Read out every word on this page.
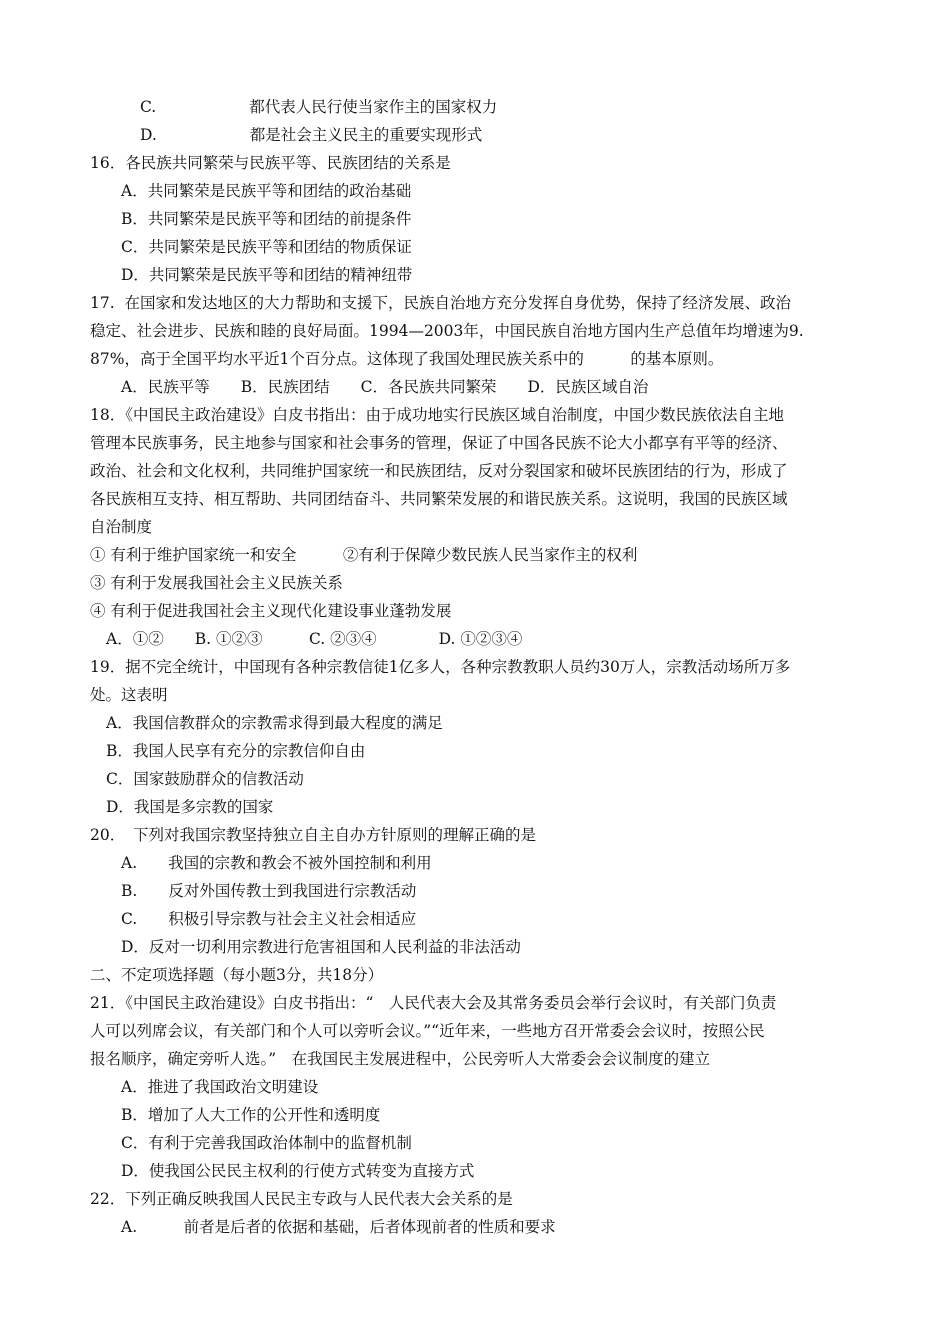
C.　　　　　　都代表人民行使当家作主的国家权力
D.　　　　　　都是社会主义民主的重要实现形式
16．各民族共同繁荣与民族平等、民族团结的关系是
A．共同繁荣是民族平等和团结的政治基础
B．共同繁荣是民族平等和团结的前提条件
C．共同繁荣是民族平等和团结的物质保证
D．共同繁荣是民族平等和团结的精神纽带
17.  在国家和发达地区的大力帮助和支援下，民族自治地方充分发挥自身优势，保持了经济发展、政治
稳定、社会进步、民族和睦的良好局面。1994—2003年，中国民族自治地方国内生产总值年均增速为9.
87%，高于全国平均水平近1个百分点。这体现了我国处理民族关系中的　　　的基本原则。
A．民族平等　　B．民族团结　　C．各民族共同繁荣　　D．民族区域自治
18．《中国民主政治建设》白皮书指出：由于成功地实行民族区域自治制度，中国少数民族依法自主地
管理本民族事务，民主地参与国家和社会事务的管理，保证了中国各民族不论大小都享有平等的经济、
政治、社会和文化权利，共同维护国家统一和民族团结，反对分裂国家和破坏民族团结的行为，形成了
各民族相互支持、相互帮助、共同团结奋斗、共同繁荣发展的和谐民族关系。这说明，我国的民族区域
自治制度
① 有利于维护国家统一和安全　　　②有利于保障少数民族人民当家作主的权利
③ 有利于发展我国社会主义民族关系
④ 有利于促进我国社会主义现代化建设事业蓬勃发展
A．①②　　B. ①②③　　　C. ②③④　　　　D. ①②③④
19．据不完全统计，中国现有各种宗教信徒1亿多人，各种宗教教职人员约30万人，宗教活动场所万多
处。这表明
A．我国信教群众的宗教需求得到最大程度的满足
B．我国人民享有充分的宗教信仰自由
C．国家鼓励群众的信教活动
D．我国是多宗教的国家
20．　下列对我国宗教坚持独立自主自办方针原则的理解正确的是
A.　　我国的宗教和教会不被外国控制和利用
B.　　反对外国传教士到我国进行宗教活动
C.　　积极引导宗教与社会主义社会相适应
D．反对一切利用宗教进行危害祖国和人民利益的非法活动
二、不定项选择题（每小题3分，共18分）
21．《中国民主政治建设》白皮书指出：“　人民代表大会及其常务委员会举行会议时，有关部门负责
人可以列席会议，有关部门和个人可以旁听会议。”“近年来，一些地方召开常委会会议时，按照公民
报名顺序，确定旁听人选。”　在我国民主发展进程中，公民旁听人大常委会会议制度的建立
A．推进了我国政治文明建设
B．增加了人大工作的公开性和透明度
C．有利于完善我国政治体制中的监督机制
D．使我国公民民主权利的行使方式转变为直接方式
22．下列正确反映我国人民民主专政与人民代表大会关系的是
A.　　　前者是后者的依据和基础，后者体现前者的性质和要求
